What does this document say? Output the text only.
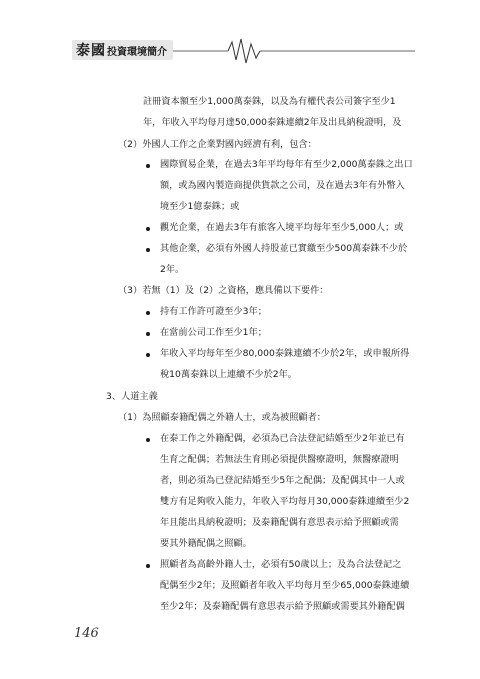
泰國 投資環境簡介
註冊資本額至少1,000萬泰銖，以及為有權代表公司簽字至少1
年，年收入平均每月達50,000泰銖連續2年及出具納稅證明，及
（2）外國人工作之企業對國內經濟有利，包含：
國際貿易企業，在過去3年平均每年有至少2,000萬泰銖之出口
額，或為國內製造商提供貨款之公司，及在過去3年有外幣入
境至少1億泰銖；或
觀光企業，在過去3年有旅客入境平均每年至少5,000人；或
其他企業，必須有外國人持股並已實繳至少500萬泰銖不少於
2年。
（3）若無（1）及（2）之資格，應具備以下要件：
持有工作許可證至少3年；
在當前公司工作至少1年；
年收入平均每年至少80,000泰銖連續不少於2年，或申報所得
稅10萬泰銖以上連續不少於2年。
3、人道主義
（1）為照顧泰籍配偶之外籍人士，或為被照顧者：
在泰工作之外籍配偶，必須為已合法登記結婚至少2年並已有
生育之配偶；若無法生育則必須提供醫療證明，無醫療證明
者，則必須為已登記結婚至少5年之配偶；及配偶其中一人或
雙方有足夠收入能力，年收入平均每月30,000泰銖連續至少2
年且能出具納稅證明；及泰籍配偶有意思表示給予照顧或需
要其外籍配偶之照顧。
照顧者為高齡外籍人士，必須有50歲以上；及為合法登記之
配偶至少2年；及照顧者年收入平均每月至少65,000泰銖連續
至少2年；及泰籍配偶有意思表示給予照顧或需要其外籍配偶
146
